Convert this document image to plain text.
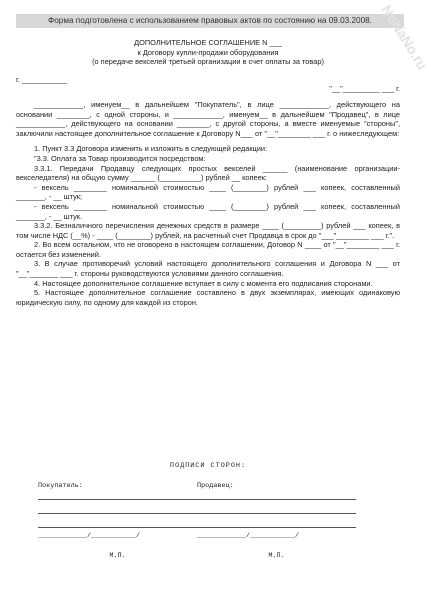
Форма подготовлена с использованием правовых актов по состоянию на 09.03.2008. NoNaNo.ru

ДОПОЛНИТЕЛЬНОЕ СОГЛАШЕНИЕ N ___

к Договору купли-продажи оборудования

(о передаче векселей третьей организации в счет оплаты за товар)

г. ___________

"__"_________ ___ г.

____________, именуем__ в дальнейшем "Покупатель", в лице ____________, действующего на основании ________, с одной стороны, и ____________, именуем__ в дальнейшем "Продавец", в лице ____________, действующего на основании ________, с другой стороны, а вместе именуемые "стороны", заключили настоящее дополнительное соглашение к Договору N___ от "__"________ ___ г. о нижеследующем:

1. Пункт 3.3 Договора изменить и изложить в следующей редакции:

"3.3. Оплата за Товар производится посредством:

3.3.1. Передачи Продавцу следующих простых векселей ______ (наименование организации-векселедателя) на общую сумму ______ (__________) рублей __ копеек:

- вексель ________ номинальной стоимостью ____ (________) рублей ___ копеек, составленный _______, - __ штук;

- вексель ________ номинальной стоимостью ____ (________) рублей ___ копеек, составленный _______, - __ штук.

3.3.2. Безналичного перечисления денежных средств в размере ____ (_________) рублей ___ копеек, в том числе НДС (__%) - ____ (________) рублей, на расчетный счет Продавца в срок до "___"________ ___ г.".

2. Во всем остальном, что не оговорено в настоящем соглашении, Договор N ____ от "__"________ ___ г. остается без изменений.

3. В случае противоречий условий настоящего дополнительного соглашения и Договора N ___ от "__"_______ ___ г. стороны руководствуются условиями данного соглашения.

4. Настоящее дополнительное соглашение вступает в силу с момента его подписания сторонами.

5. Настоящее дополнительное соглашение составлено в двух экземплярах, имеющих одинаковую юридическую силу, по одному для каждой из сторон.

ПОДПИСИ СТОРОН:

Покупатель:

____________/___________/

М.П.

Продавец:

____________/___________/

М.П.
